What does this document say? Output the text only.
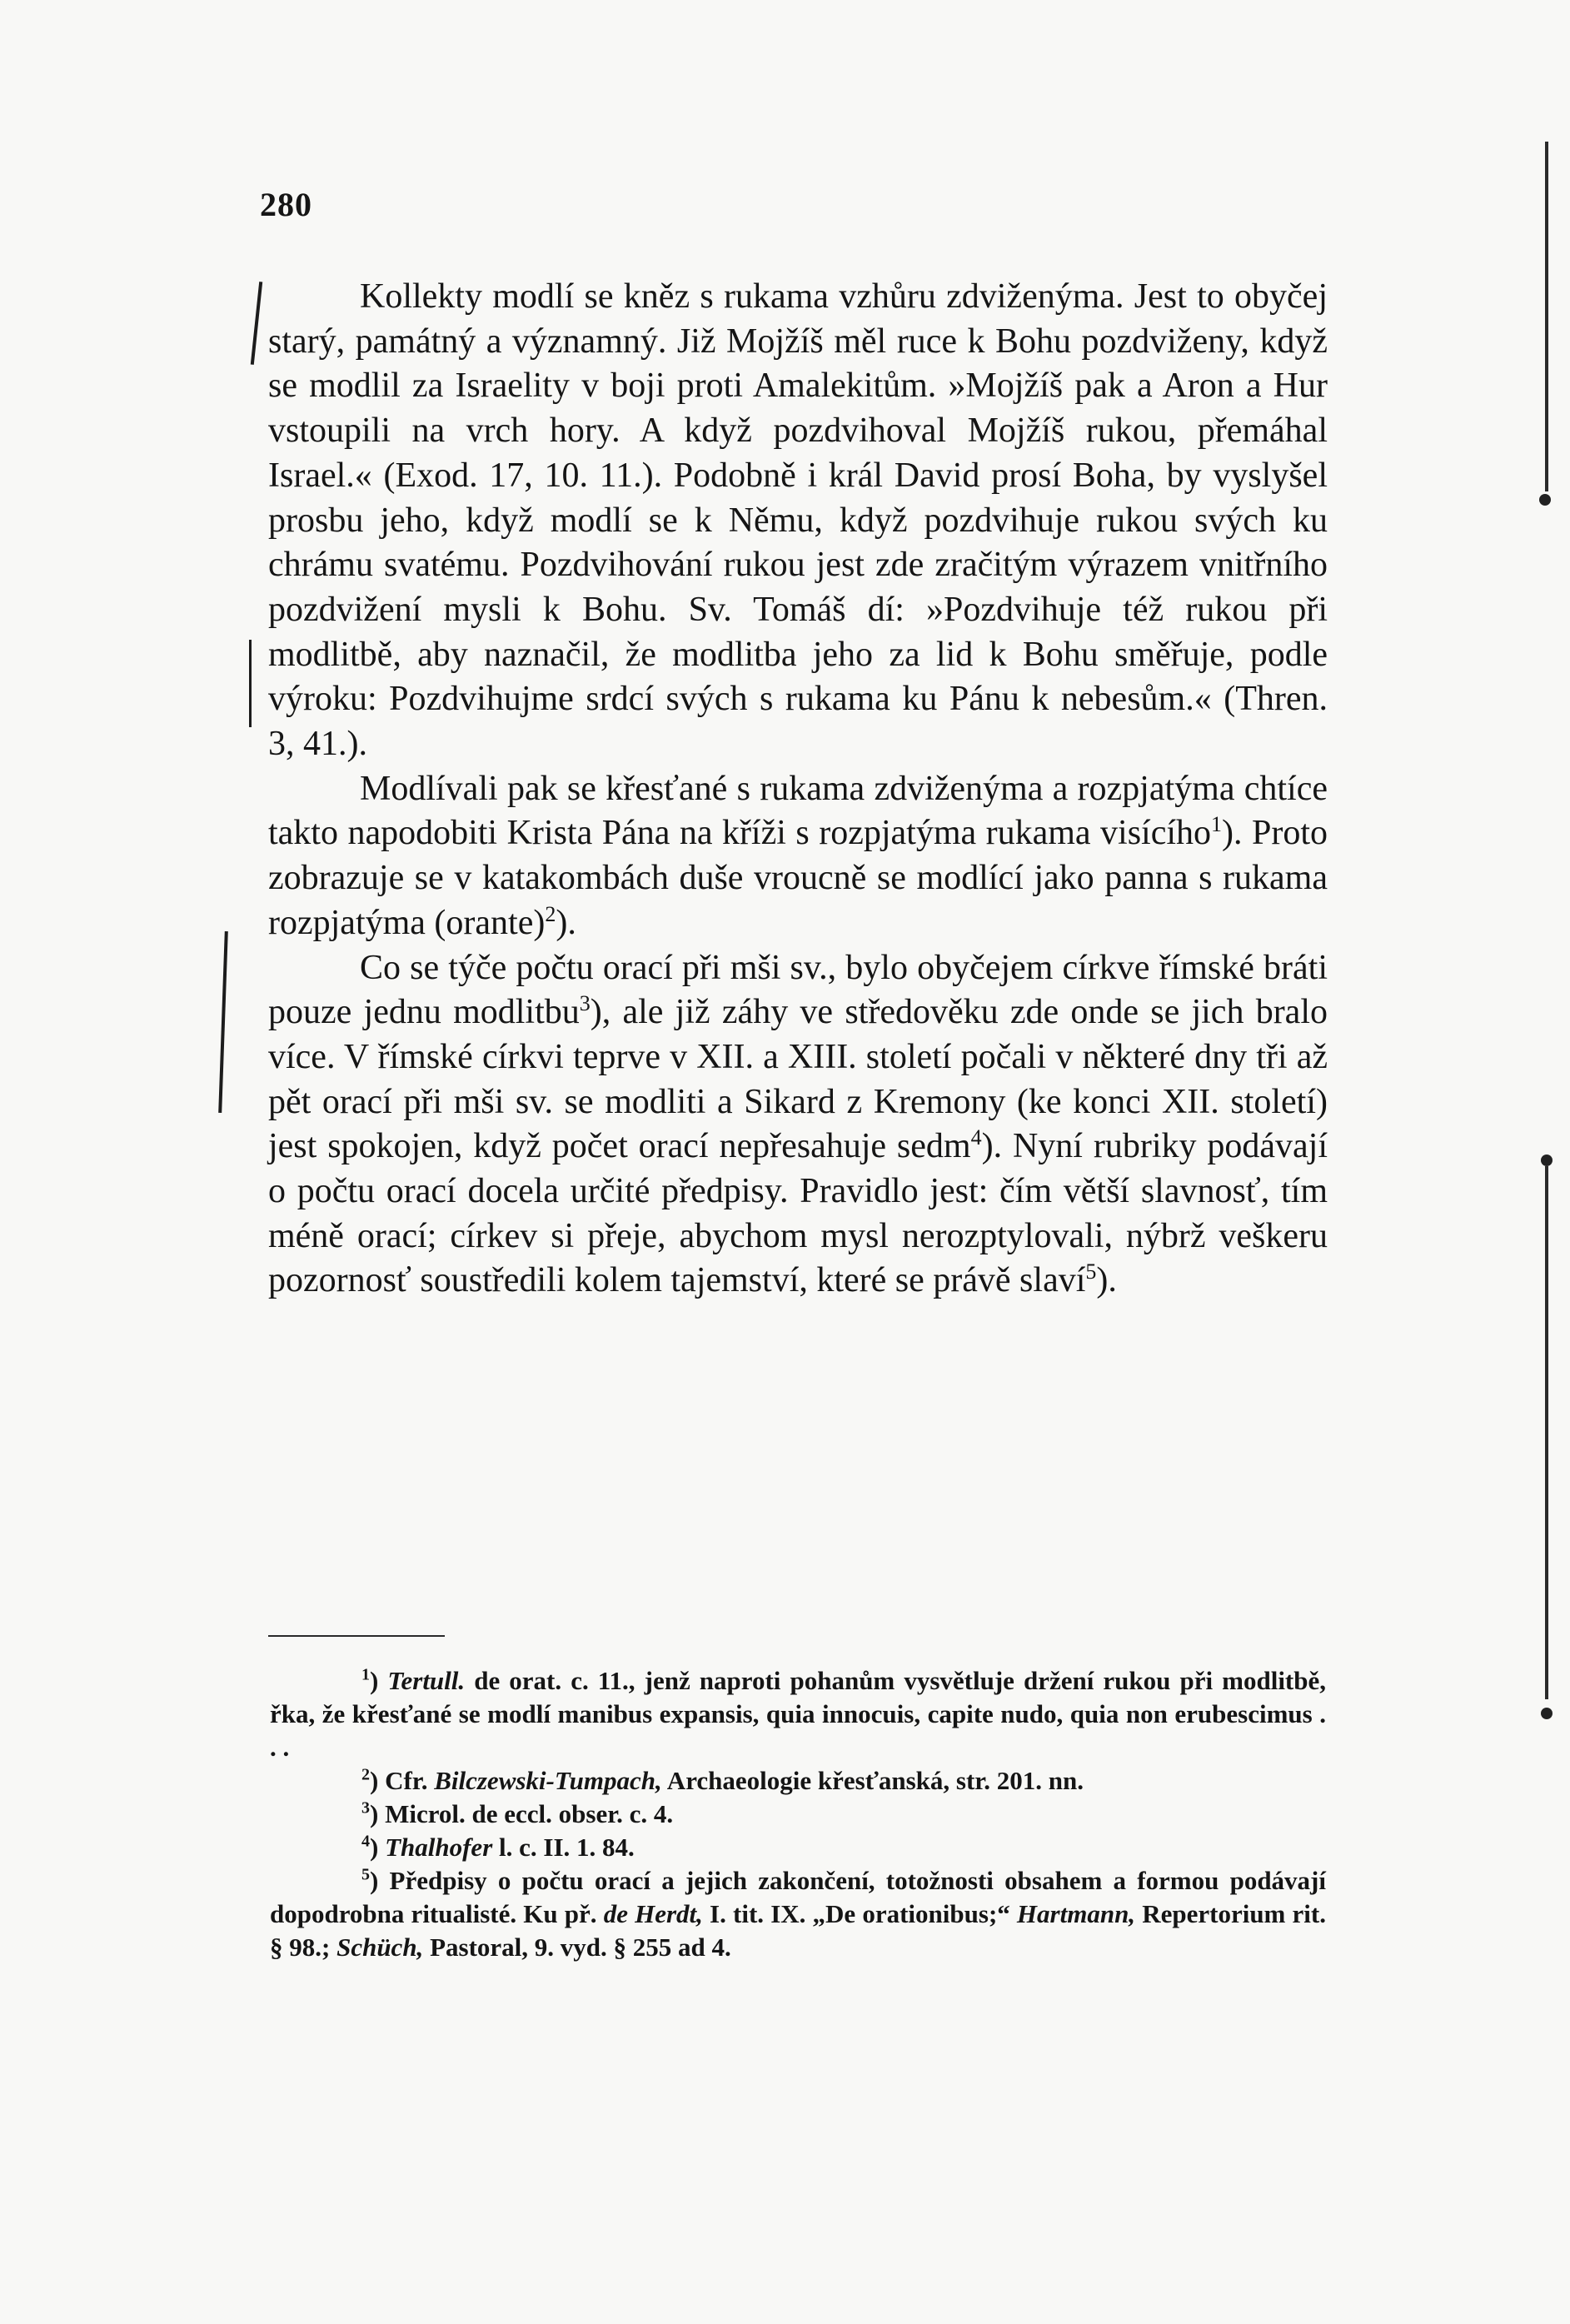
280

Kollekty modlí se kněz s rukama vzhůru zdviženýma. Jest to obyčej starý, památný a významný. Již Mojžíš měl ruce k Bohu pozdviženy, když se modlil za Israelity v boji proti Amalekitům. »Mojžíš pak a Aron a Hur vstoupili na vrch hory. A když pozdvihoval Mojžíš rukou, přemáhal Israel.« (Exod. 17, 10. 11.). Podobně i král David prosí Boha, by vyslyšel prosbu jeho, když modlí se k Němu, když pozdvihuje rukou svých ku chrámu svatému. Pozdvihování rukou jest zde zračitým výrazem vnitřního pozdvižení mysli k Bohu. Sv. Tomáš dí: »Pozdvihuje též rukou při modlitbě, aby naznačil, že modlitba jeho za lid k Bohu směřuje, podle výroku: Pozdvihujme srdcí svých s rukama ku Pánu k nebesům.« (Thren. 3, 41.).

Modlívali pak se křesťané s rukama zdviženýma a rozpjatýma chtíce takto napodobiti Krista Pána na kříži s rozpjatýma rukama visícího$^1$). Proto zobrazuje se v katakombách duše vroucně se modlící jako panna s rukama rozpjatýma (orante)$^2$).

Co se týče počtu orací při mši sv., bylo obyčejem církve římské bráti pouze jednu modlitbu$^3$), ale již záhy ve středověku zde onde se jich bralo více. V římské církvi teprve v XII. a XIII. století počali v některé dny tři až pět orací při mši sv. se modliti a Sikard z Kremony (ke konci XII. století) jest spokojen, když počet orací nepřesahuje sedm$^4$). Nyní rubriky podávají o počtu orací docela určité předpisy. Pravidlo jest: čím větší slavnosť, tím méně orací; církev si přeje, abychom mysl nerozptylovali, nýbrž veškeru pozornosť soustředili kolem tajemství, které se právě slaví$^5$).

$^1$) Tertull. de orat. c. 11., jenž naproti pohanům vysvětluje držení rukou při modlitbě, řka, že křesťané se modlí manibus expansis, quia innocuis, capite nudo, quia non erubescimus . . .

$^2$) Cfr. Bilczewski-Tumpach, Archaeologie křesťanská, str. 201. nn.

$^3$) Microl. de eccl. obser. c. 4.

$^4$) Thalhofer l. c. II. 1. 84.

$^5$) Předpisy o počtu orací a jejich zakončení, totožnosti obsahem a formou podávají dopodrobna ritualisté. Ku př. de Herdt, I. tit. IX. „De orationibus;“ Hartmann, Repertorium rit. § 98.; Schüch, Pastoral, 9. vyd. § 255 ad 4.
